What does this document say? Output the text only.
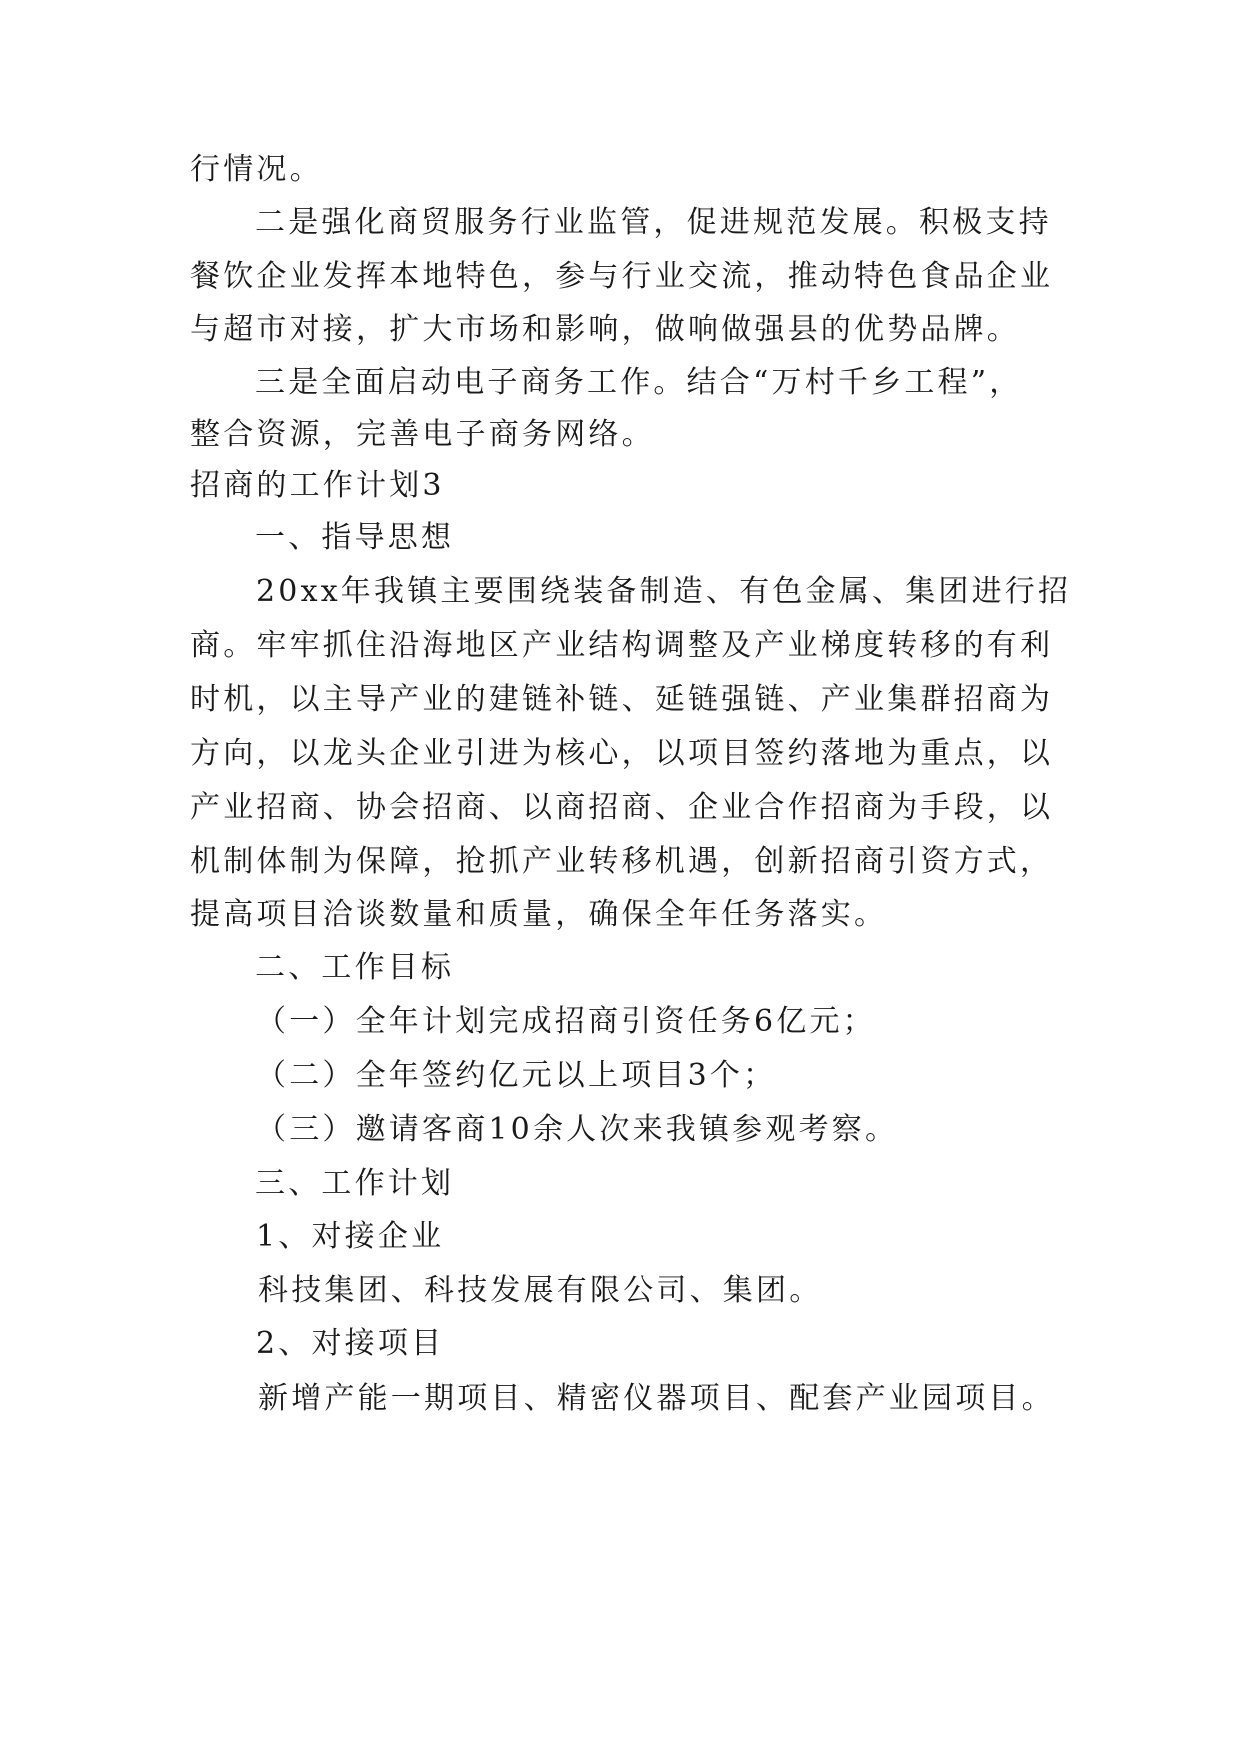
行情况。
二是强化商贸服务行业监管，促进规范发展。积极支持
餐饮企业发挥本地特色，参与行业交流，推动特色食品企业
与超市对接，扩大市场和影响，做响做强县的优势品牌。
三是全面启动电子商务工作。结合“万村千乡工程”，
整合资源，完善电子商务网络。
招商的工作计划3
一、指导思想
20xx年我镇主要围绕装备制造、有色金属、集团进行招
商。牢牢抓住沿海地区产业结构调整及产业梯度转移的有利
时机，以主导产业的建链补链、延链强链、产业集群招商为
方向，以龙头企业引进为核心，以项目签约落地为重点，以
产业招商、协会招商、以商招商、企业合作招商为手段，以
机制体制为保障，抢抓产业转移机遇，创新招商引资方式，
提高项目洽谈数量和质量，确保全年任务落实。
二、工作目标
（一）全年计划完成招商引资任务6亿元；
（二）全年签约亿元以上项目3个；
（三）邀请客商10余人次来我镇参观考察。
三、工作计划
1、对接企业
科技集团、科技发展有限公司、集团。
2、对接项目
新增产能一期项目、精密仪器项目、配套产业园项目。
